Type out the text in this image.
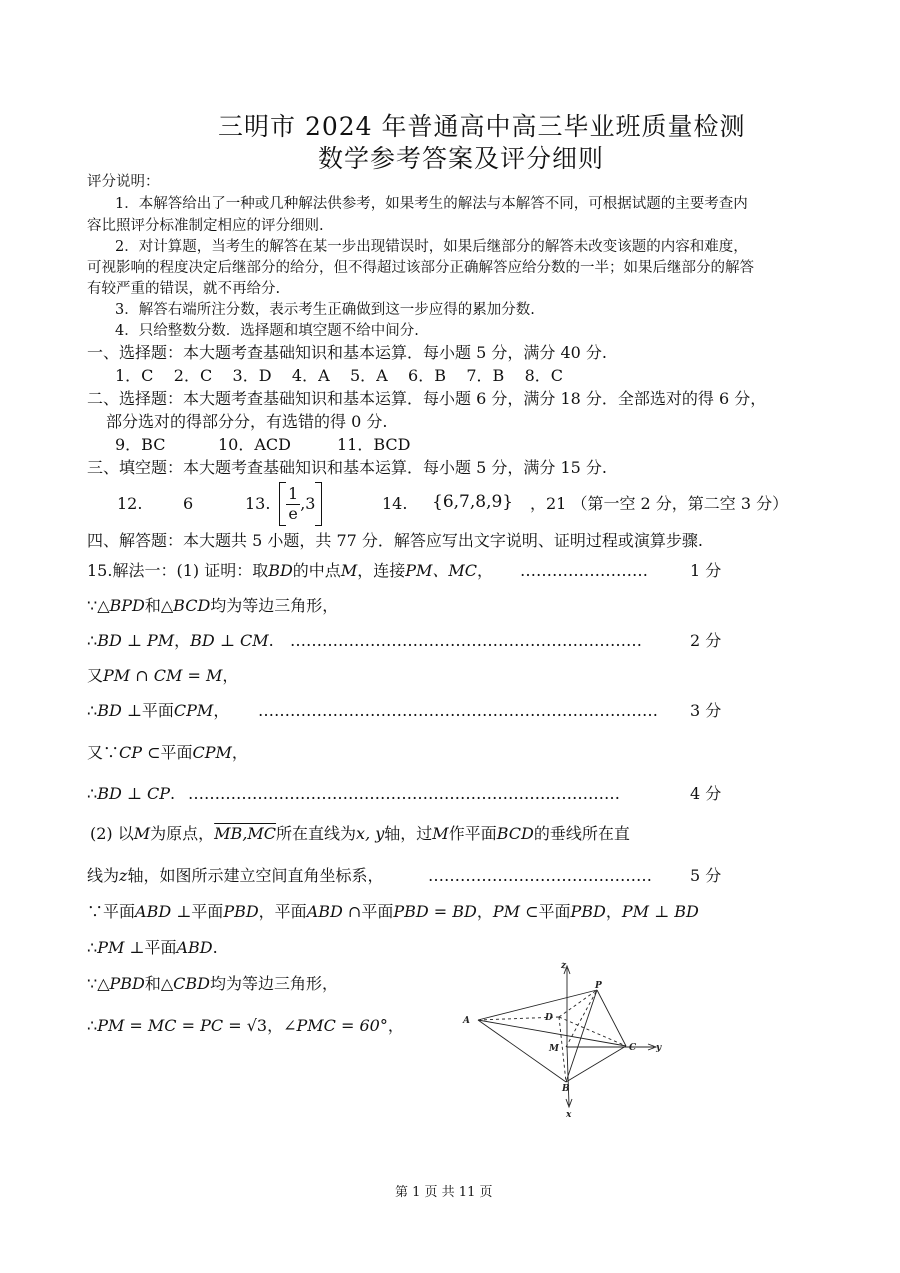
三明市 2024 年普通高中高三毕业班质量检测
数学参考答案及评分细则
评分说明：
1．本解答给出了一种或几种解法供参考，如果考生的解法与本解答不同，可根据试题的主要考查内
容比照评分标准制定相应的评分细则.
2．对计算题，当考生的解答在某一步出现错误时，如果后继部分的解答未改变该题的内容和难度，
可视影响的程度决定后继部分的给分，但不得超过该部分正确解答应给分数的一半；如果后继部分的解答
有较严重的错误，就不再给分.
3．解答右端所注分数，表示考生正确做到这一步应得的累加分数.
4．只给整数分数．选择题和填空题不给中间分.
一、选择题：本大题考查基础知识和基本运算．每小题 5 分，满分 40 分.
1．C    2．C    3．D    4．A    5．A    6．B    7．B    8．C
二、选择题：本大题考查基础知识和基本运算．每小题 6 分，满分 18 分．全部选对的得 6 分，
部分选对的得部分分，有选错的得 0 分.
9．BC	10．ACD	11．BCD
三、填空题：本大题考查基础知识和基本运算．每小题 5 分，满分 15 分.
12.	6	13. $\frac{1}{e} ,3$	14. {6,7,8,9} ，21 （第一空 2 分，第二空 3 分）
四、解答题：本大题共 5 小题，共 77 分．解答应写出文字说明、证明过程或演算步骤.
15.解法一：(1) 证明：取BD的中点M，连接PM、MC， ……………………	1 分
∵△BPD和△BCD均为等边三角形，
∴BD ⊥ PM，BD ⊥ CM. …………………………………………………………	2 分
又PM ∩ CM = M，
∴BD ⊥平面CPM， ………………………………………………………………… 3 分
又∵CP ⊂平面CPM，
∴BD ⊥ CP. ………………………………………………………………………	4 分
(2) 以M为原点，MB,MC所在直线为x, y轴，过M作平面BCD的垂线所在直
线为z轴，如图所示建立空间直角坐标系，	…………………………………… 5 分
∵平面ABD ⊥平面PBD，平面ABD ∩平面PBD = BD，PM ⊂平面PBD，PM ⊥ BD
∴PM ⊥平面ABD.
∵△PBD和△CBD均为等边三角形，
∴PM = MC = PC = √3，∠PMC = 60°，
z
P
A	D
M	C y
B
x
第 1 页 共 11 页
